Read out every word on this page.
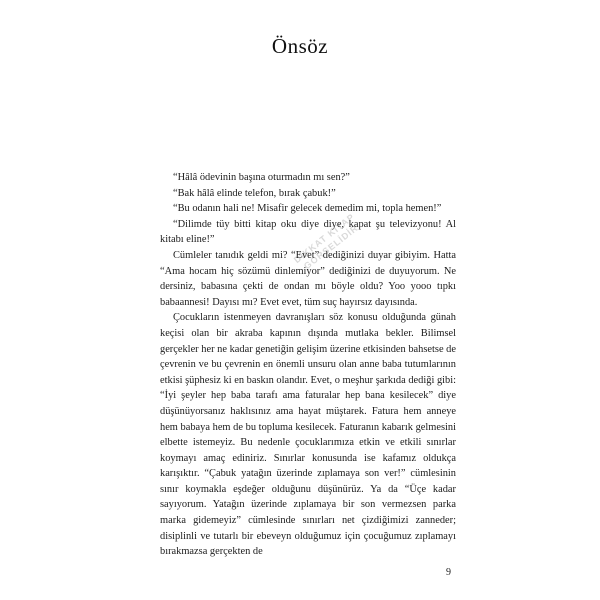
Önsöz

“Hâlâ ödevinin başına oturmadın mı sen?”

“Bak hâlâ elinde telefon, bırak çabuk!”

“Bu odanın hali ne! Misafir gelecek demedim mi, topla hemen!”

“Dilimde tüy bitti kitap oku diye diye, kapat şu televizyonu! Al kitabı eline!”

Cümleler tanıdık geldi mi? “Evet” dediğinizi duyar gibiyim. Hatta “Ama hocam hiç sözümü dinlemiyor” dediğinizi de duyuyorum. Ne dersiniz, babasına çekti de ondan mı böyle oldu? Yoo yooo tıpkı babaannesi! Dayısı mı? Evet evet, tüm suç hayırsız dayısında.

Çocukların istenmeyen davranışları söz konusu olduğunda günah keçisi olan bir akraba kapının dışında mutlaka bekler. Bilimsel gerçekler her ne kadar genetiğin gelişim üzerine etkisinden bahsetse de çevrenin ve bu çevrenin en önemli unsuru olan anne baba tutumlarının etkisi şüphesiz ki en baskın olandır. Evet, o meşhur şarkıda dediği gibi: “İyi şeyler hep baba tarafı ama faturalar hep bana kesilecek” diye düşünüyorsanız haklısınız ama hayat müştarek. Fatura hem anneye hem babaya hem de bu topluma kesilecek. Faturanın kabarık gelmesini elbette istemeyiz. Bu nedenle çocuklarımıza etkin ve etkili sınırlar koymayı amaç ediniriz. Sınırlar konusunda ise kafamız oldukça karışıktır. “Çabuk yatağın üzerinde zıplamaya son ver!” cümlesinin sınır koymakla eşdeğer olduğunu düşünürüz. Ya da “Üçe kadar sayıyorum. Yatağın üzerinde zıplamaya bir son vermezsen parka marka gidemeyiz” cümlesinde sınırları net çizdiğimizi zanneder; disiplinli ve tutarlı bir ebeveyn olduğumuz için çocuğumuz zıplamayı bırakmazsa gerçekten de

DİKKAT KİTAP GÖRSELİDİR
9
